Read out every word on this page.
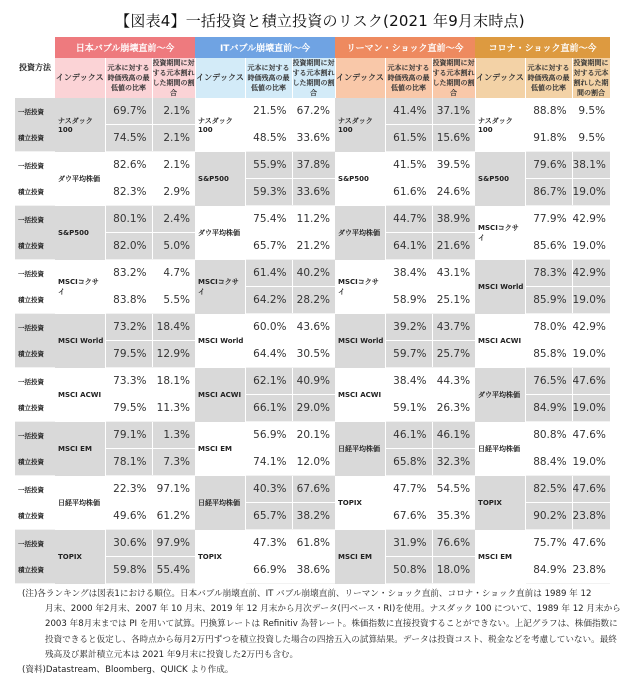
【図表4】一括投資と積立投資のリスク(2021 年9月末時点)
投資方法	日本バブル崩壊直前～今			ITバブル崩壊直前～今			リーマン・ショック直前～今			コロナ・ショック直前～今		
	インデックス	元本に対する時価残高の最低値の比率	投資期間に対する元本割れした期間の割合	インデックス	元本に対する時価残高の最低値の比率	投資期間に対する元本割れした期間の割合	インデックス	元本に対する時価残高の最低値の比率	投資期間に対する元本割れした期間の割合	インデックス	元本に対する時価残高の最低値の比率	投資期間に対する元本割れした期間の割合
一括投資	ナスダック100	69.7%	2.1%	ナスダック100	21.5%	67.2%	ナスダック100	41.4%	37.1%	ナスダック100	88.8%	9.5%
積立投資		74.5%	2.1%		48.5%	33.6%		61.5%	15.6%		91.8%	9.5%
一括投資	ダウ平均株価	82.6%	2.1%	S&P500	55.9%	37.8%	S&P500	41.5%	39.5%	S&P500	79.6%	38.1%
積立投資		82.3%	2.9%		59.3%	33.6%		61.6%	24.6%		86.7%	19.0%
一括投資	S&P500	80.1%	2.4%	ダウ平均株価	75.4%	11.2%	ダウ平均株価	44.7%	38.9%	MSCIコクサイ	77.9%	42.9%
積立投資		82.0%	5.0%		65.7%	21.2%		64.1%	21.6%		85.6%	19.0%
一括投資	MSCIコクサイ	83.2%	4.7%	MSCIコクサイ	61.4%	40.2%	MSCIコクサイ	38.4%	43.1%	MSCI World	78.3%	42.9%
積立投資		83.8%	5.5%		64.2%	28.2%		58.9%	25.1%		85.9%	19.0%
一括投資	MSCI World	73.2%	18.4%	MSCI World	60.0%	43.6%	MSCI World	39.2%	43.7%	MSCI ACWI	78.0%	42.9%
積立投資		79.5%	12.9%		64.4%	30.5%		59.7%	25.7%		85.8%	19.0%
一括投資	MSCI ACWI	73.3%	18.1%	MSCI ACWI	62.1%	40.9%	MSCI ACWI	38.4%	44.3%	ダウ平均株価	76.5%	47.6%
積立投資		79.5%	11.3%		66.1%	29.0%		59.1%	26.3%		84.9%	19.0%
一括投資	MSCI EM	79.1%	1.3%	MSCI EM	56.9%	20.1%	日経平均株価	46.1%	46.1%	日経平均株価	80.8%	47.6%
積立投資		78.1%	7.3%		74.1%	12.0%		65.8%	32.3%		88.4%	19.0%
一括投資	日経平均株価	22.3%	97.1%	日経平均株価	40.3%	67.6%	TOPIX	47.7%	54.5%	TOPIX	82.5%	47.6%
積立投資		49.6%	61.2%		65.7%	38.2%		67.6%	35.3%		90.2%	23.8%
一括投資	TOPIX	30.6%	97.9%	TOPIX	47.3%	61.8%	MSCI EM	31.9%	76.6%	MSCI EM	75.7%	47.6%
積立投資		59.8%	55.4%		66.9%	38.6%		50.8%	18.0%		84.9%	23.8%
(注)各ランキングは図表1における順位。日本バブル崩壊直前、IT バブル崩壊直前、リーマン・ショック直前、コロナ・ショック直前は 1989 年 12
月末、2000 年2月末、2007 年 10 月末、2019 年 12 月末から月次データ(円ベース・RI)を使用。ナスダック 100 について、1989 年 12 月末から 2003 年8月末までは PI を用いて試算。円換算レートは Refinitiv 為替レート。株価指数に直接投資することができない。上記グラフは、株価指数に投資できると仮定し、各時点から毎月2万円ずつを積立投資した場合の四捨五入の試算結果。データは投資コスト、税金などを考慮していない。最終残高及び累計積立元本は 2021 年9月末に投資した2万円も含む。
(資料)Datastream、Bloomberg、QUICK より作成。
